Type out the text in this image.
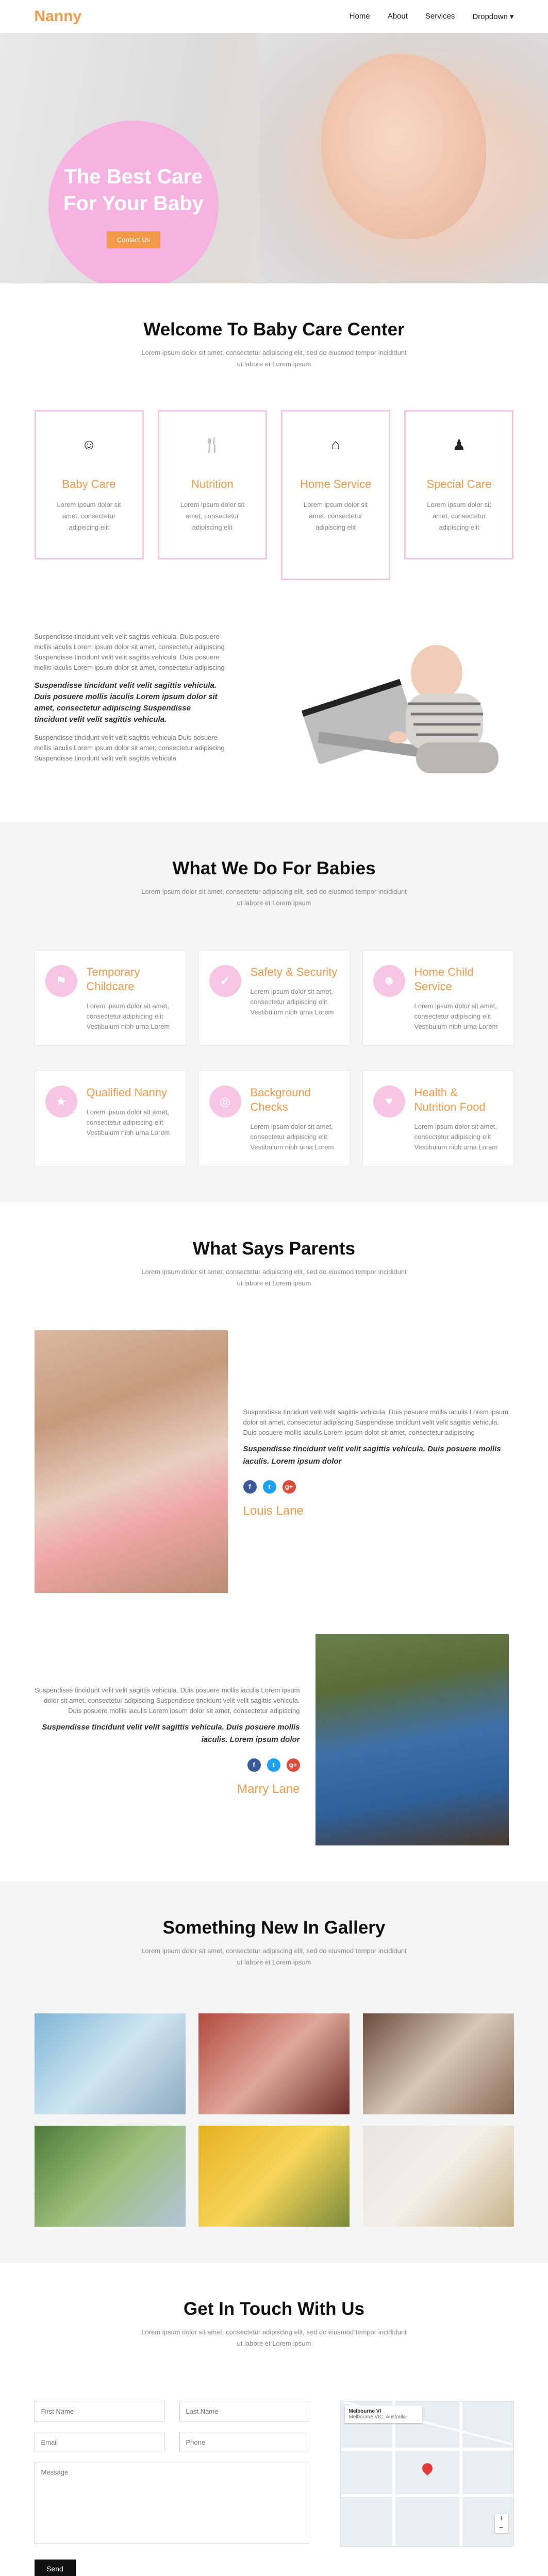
Nanny	Home About Services Dropdown ▾
The Best Care
For Your Baby
Contact Us
Welcome To Baby Care Center

Lorem ipsum dolor sit amet, consectetur adipiscing elit, sed do eiusmod tempor incididunt ut labore et Lorem ipsum

☺
Baby Care

Lorem ipsum dolor sit amet, consectetur adipiscing elit

🍴
Nutrition

Lorem ipsum dolor sit amet, consectetur adipiscing elit

⌂
Home Service

Lorem ipsum dolor sit amet, consectetur adipiscing elit

♟
Special Care

Lorem ipsum dolor sit amet, consectetur adipiscing elit

Suspendisse tincidunt velit velit sagittis vehicula. Duis posuere mollis iaculis Lorem ipsum dolor sit amet, consectetur adipiscing Suspendisse tincidunt velit velit sagittis vehicula. Duis posuere mollis iaculis Lorem ipsum dolor sit amet, consectetur adipiscing

Suspendisse tincidunt velit velit sagittis vehicula. Duis posuere mollis iaculis Lorem ipsum dolor sit amet, consectetur adipiscing Suspendisse tincidunt velit velit sagittis vehicula.

Suspendisse tincidunt velit velit sagittis vehicula Duis posuere mollis iaculis Lorem ipsum dolor sit amet, consectetur adipiscing Suspendisse tincidunt velit velit sagittis vehicula

What We Do For Babies

Lorem ipsum dolor sit amet, consectetur adipiscing elit, sed do eiusmod tempor incididunt ut labore et Lorem ipsum

⚑
Temporary Childcare

Lorem ipsum dolor sit amet, consectetur adipiscing elit Vestibulum nibh urna Lorem

✔
Safety & Security

Lorem ipsum dolor sit amet, consectetur adipiscing elit Vestibulum nibh urna Lorem

☻
Home Child Service

Lorem ipsum dolor sit amet, consectetur adipiscing elit Vestibulum nibh urna Lorem

★
Qualified Nanny

Lorem ipsum dolor sit amet, consectetur adipiscing elit Vestibulum nibh urna Lorem

◎
Background Checks

Lorem ipsum dolor sit amet, consectetur adipiscing elit Vestibulum nibh urna Lorem

♥
Health & Nutrition Food

Lorem ipsum dolor sit amet, consectetur adipiscing elit Vestibulum nibh urna Lorem

What Says Parents

Lorem ipsum dolor sit amet, consectetur adipiscing elit, sed do eiusmod tempor incididunt ut labore et Lorem ipsum

Suspendisse tincidunt velit velit sagittis vehicula. Duis posuere mollis iaculis Lorem ipsum dolor sit amet, consectetur adipiscing Suspendisse tincidunt velit velit sagittis vehicula. Duis posuere mollis iaculis Lorem ipsum dolor sit amet, consectetur adipiscing

Suspendisse tincidunt velit velit sagittis vehicula. Duis posuere mollis iaculis. Lorem ipsum dolor

f	t	g+
Louis Lane

Suspendisse tincidunt velit velit sagittis vehicula. Duis posuere mollis iaculis Lorem ipsum dolor sit amet, consectetur adipiscing Suspendisse tincidunt velit velit sagittis vehicula. Duis posuere mollis iaculis Lorem ipsum dolor sit amet, consectetur adipiscing

Suspendisse tincidunt velit velit sagittis vehicula. Duis posuere mollis iaculis. Lorem ipsum dolor

f	t	g+
Marry Lane
Something New In Gallery

Lorem ipsum dolor sit amet, consectetur adipiscing elit, sed do eiusmod tempor incididunt ut labore et Lorem ipsum

Get In Touch With Us

Lorem ipsum dolor sit amet, consectetur adipiscing elit, sed do eiusmod tempor incididunt ut labore et Lorem ipsum

First Name
Last Name
Email
Phone
Message
Send
Melbourne VI
Melbourne VIC, Australia
+
−
